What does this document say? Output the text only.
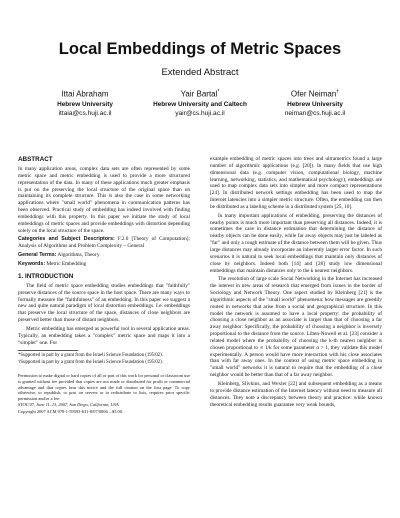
Local Embeddings of Metric Spaces
Extended Abstract
Ittai Abraham
Hebrew University
ittaia@cs.huji.ac.il
Yair Bartal*
Hebrew University and Caltech
yair@cs.huji.ac.il
Ofer Neiman†
Hebrew University
neiman@cs.huji.ac.il
ABSTRACT

In many application areas, complex data sets are often represented by some metric space and metric embedding is used to provide a more structured representation of the data. In many of these applications much greater emphasis is put on the preserving the local structure of the original space than on maintaining its complete structure. This is also the case in some networking applications where "small world" phenomena in communication patterns has been observed. Practical study of embedding has indeed involved with finding embeddings with this property. In this paper we initiate the study of local embeddings of metric spaces and provide embeddings with distortion depending solely on the local structure of the space.

Categories and Subject Descriptors: F.2.0 [Theory of Computation]: Analysis of Algorithms and Problem Complexity – General

General Terms: Algorithms, Theory

Keywords: Metric Embedding

1. INTRODUCTION

The field of metric space embedding studies embeddings that "faithfully" preserve distances of the source space in the host space. There are many ways to formally measure the "faithfulness" of an embedding. In this paper we suggest a new and quite natural paradigm of local distortion embeddings. I.e. embeddings that preserve the local structure of the space, distances of close neighbors are preserved better than those of distant neighbors.

Metric embedding has emerged as powerful tool in several application areas. Typically, an embedding takes a "complex" metric space and maps it into a "simpler" one. For

*Supported in part by a grant from the Israeli Science Foundation (195/02).

†Supported in part by a grant from the Israeli Science Foundation (195/02).

Permission to make digital or hard copies of all or part of this work for personal or classroom use is granted without fee provided that copies are not made or distributed for profit or commercial advantage and that copies bear this notice and the full citation on the first page. To copy otherwise, to republish, to post on servers or to redistribute to lists, requires prior specific permission and/or a fee.

STOC'07, June 11–13, 2007, San Diego, California, USA.

Copyright 2007 ACM 978-1-59593-631-8/07/0006 ...$5.00.

example embedding of metric spaces into trees and ultrametrics found a large number of algorithmic applications (e.g. [20]). In many fields that use high dimensional data (e.g. computer vision, computational biology, machine learning, networking, statistics, and mathematical psychology), embeddings are used to map complex data sets into simpler and more compact representations [24]. In distributed network settings embedding has been used to map the Internet latencies into a simpler metric structure. Often, the embedding can then be distributed as a labeling scheme in a distributed system [25, 10].

In many important applications of embedding, preserving the distances of nearby points is much more important than preserving all distances. Indeed, it is sometimes the case in distance estimation that determining the distance of nearby objects can be done easily, while far away objects may just be labeled as "far" and only a rough estimate of the distance between them will be given. Thus large distances may already incorporate an inherently larger error factor. In such scenarios it is natural to seek local embeddings that maintain only distances of close by neighbors. Indeed both [14] and [28] study low dimensional embeddings that maintain distances only to the k nearest neighbors.

The resolution of large scale Social Networking in the Internet has increased the interest in new areas of research that emerged from issues in the border of Sociology and Network Theory. One aspect studied by Kleinberg [21] is the algorithmic aspects of the "small world" phenomena: how messages are greedily routed in networks that arise from a social and geographical structure. In this model the network is assumed to have a local property: the probability of choosing a close neighbor as an associate is larger than that of choosing a far away neighbor. Specifically, the probability of choosing a neighbor is inversely proportional to the distance from the source. Liben-Nowell et al. [23] consider a related model where the probability of choosing the k-th nearest neighbor is chosen proportional to ∝ 1/k for some parameter α > 1, they validate this model experimentally. A person would have more interaction with his close associates than with far away ones. In the context of using metric space embedding in "small world" networks it is natural to require that the embedding of a close neighbor would be better than that of a far away neighbor.

Kleinberg, Slivkins, and Wexler [22] and subsequent embedding as a means to provide distance estimation of the Internet latency without need to measure all distances. They note a discrepancy between theory and practice: while known theoretical embedding results guarantee very weak bounds,
